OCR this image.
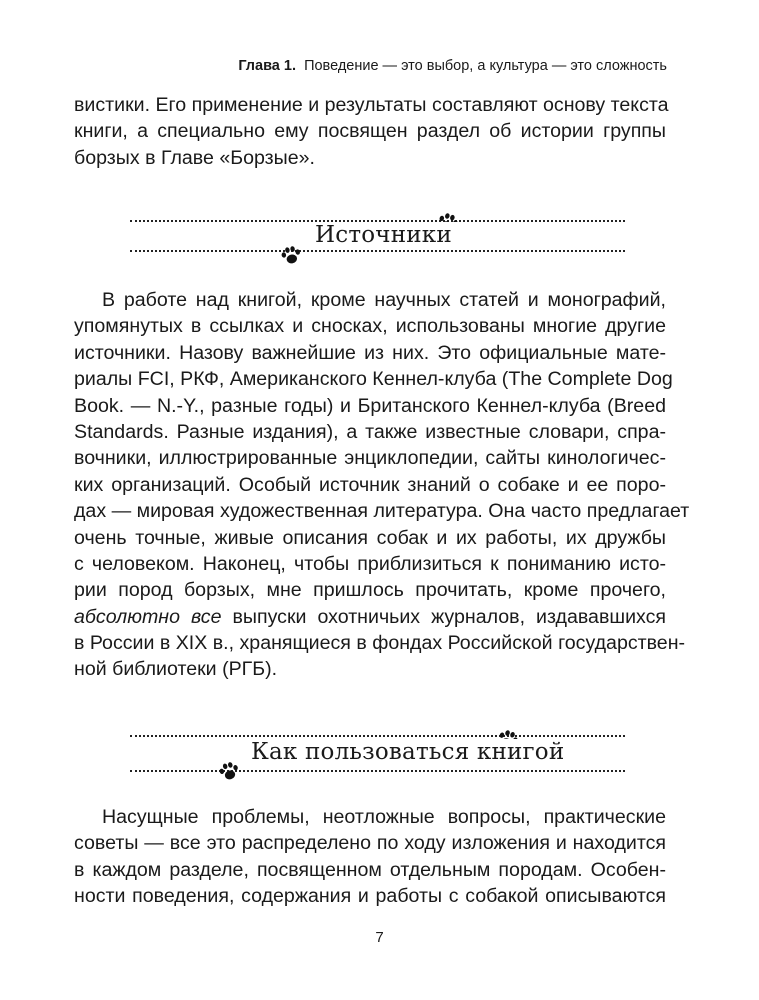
Глава 1. Поведение — это выбор, а культура — это сложность
вистики. Его применение и результаты составляют основу текста
книги, а специально ему посвящен раздел об истории группы
борзых в Главе «Борзые».
Источники
В работе над книгой, кроме научных статей и монографий,
упомянутых в ссылках и сносках, использованы многие другие
источники. Назову важнейшие из них. Это официальные мате-
риалы FCI, РКФ, Американского Кеннел-клуба (The Complete Dog
Book. — N.-Y., разные годы) и Британского Кеннел-клуба (Breed
Standards. Разные издания), а также известные словари, спра-
вочники, иллюстрированные энциклопедии, сайты кинологичес-
ких организаций. Особый источник знаний о собаке и ее поро-
дах — мировая художественная литература. Она часто предлагает
очень точные, живые описания собак и их работы, их дружбы
с человеком. Наконец, чтобы приблизиться к пониманию исто-
рии пород борзых, мне пришлось прочитать, кроме прочего,
абсолютно все выпуски охотничьих журналов, издававшихся
в России в XIX в., хранящиеся в фондах Российской государствен-
ной библиотеки (РГБ).
Как пользоваться книгой
Насущные проблемы, неотложные вопросы, практические
советы — все это распределено по ходу изложения и находится
в каждом разделе, посвященном отдельным породам. Особен-
ности поведения, содержания и работы с собакой описываются
7
